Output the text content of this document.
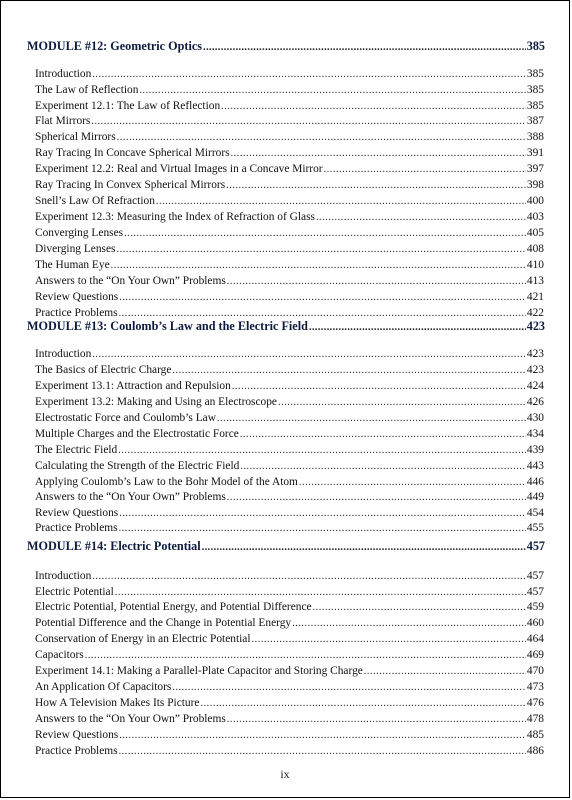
MODULE #12: Geometric Optics .....	385
Introduction .....	385
The Law of Reflection .....	385
Experiment 12.1: The Law of Reflection .....	385
Flat Mirrors .....	387
Spherical Mirrors .....	388
Ray Tracing In Concave Spherical Mirrors .....	391
Experiment 12.2: Real and Virtual Images in a Concave Mirror .....	397
Ray Tracing In Convex Spherical Mirrors .....	398
Snell’s Law Of Refraction .....	400
Experiment 12.3: Measuring the Index of Refraction of Glass .....	403
Converging Lenses .....	405
Diverging Lenses .....	408
The Human Eye .....	410
Answers to the “On Your Own” Problems .....	413
Review Questions .....	421
Practice Problems .....	422
MODULE #13: Coulomb’s Law and the Electric Field .....	423
Introduction .....	423
The Basics of Electric Charge .....	423
Experiment 13.1: Attraction and Repulsion .....	424
Experiment 13.2: Making and Using an Electroscope .....	426
Electrostatic Force and Coulomb’s Law .....	430
Multiple Charges and the Electrostatic Force .....	434
The Electric Field .....	439
Calculating the Strength of the Electric Field .....	443
Applying Coulomb’s Law to the Bohr Model of the Atom .....	446
Answers to the “On Your Own” Problems .....	449
Review Questions .....	454
Practice Problems .....	455
MODULE #14: Electric Potential .....	457
Introduction .....	457
Electric Potential .....	457
Electric Potential, Potential Energy, and Potential Difference .....	459
Potential Difference and the Change in Potential Energy .....	460
Conservation of Energy in an Electric Potential .....	464
Capacitors .....	469
Experiment 14.1: Making a Parallel-Plate Capacitor and Storing Charge .....	470
An Application Of Capacitors .....	473
How A Television Makes Its Picture .....	476
Answers to the “On Your Own” Problems .....	478
Review Questions .....	485
Practice Problems .....	486
ix
